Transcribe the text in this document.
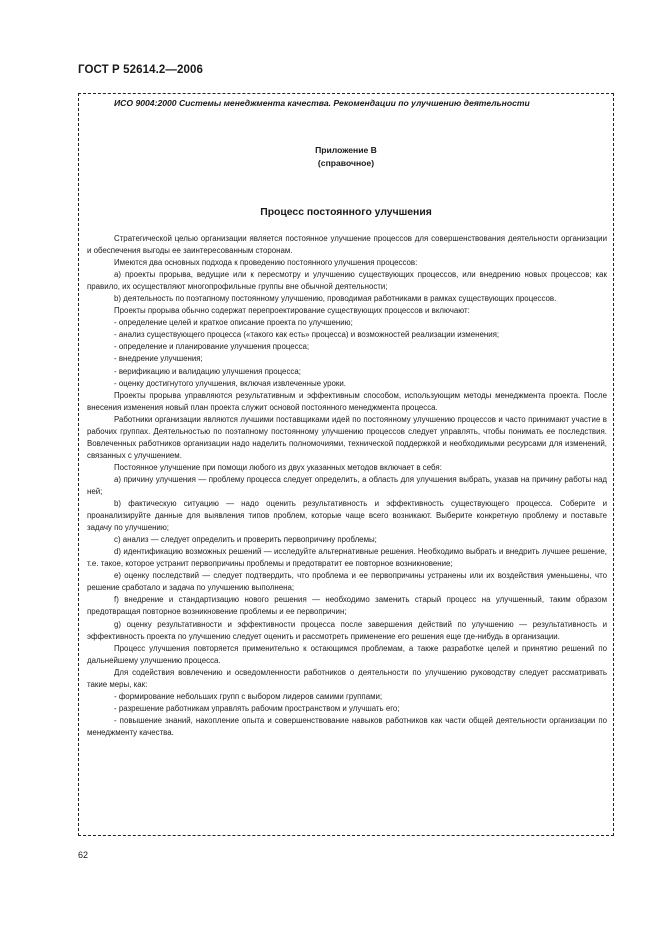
ГОСТ Р 52614.2—2006
ИСО 9004:2000 Системы менеджмента качества. Рекомендации по улучшению деятельности
Приложение В
(справочное)
Процесс постоянного улучшения

Стратегической целью организации является постоянное улучшение процессов для совершенствования деятельности организации и обеспечения выгоды ее заинтересованным сторонам.

Имеются два основных подхода к проведению постоянного улучшения процессов:

а) проекты прорыва, ведущие или к пересмотру и улучшению существующих процессов, или внедрению новых процессов; как правило, их осуществляют многопрофильные группы вне обычной деятельности;

b) деятельность по поэтапному постоянному улучшению, проводимая работниками в рамках существующих процессов.

Проекты прорыва обычно содержат перепроектирование существующих процессов и включают:

- определение целей и краткое описание проекта по улучшению;

- анализ существующего процесса («такого как есть» процесса) и возможностей реализации изменения;

- определение и планирование улучшения процесса;

- внедрение улучшения;

- верификацию и валидацию улучшения процесса;

- оценку достигнутого улучшения, включая извлеченные уроки.

Проекты прорыва управляются результативным и эффективным способом, использующим методы менеджмента проекта. После внесения изменения новый план проекта служит основой постоянного менеджмента процесса.

Работники организации являются лучшими поставщиками идей по постоянному улучшению процессов и часто принимают участие в рабочих группах. Деятельностью по поэтапному постоянному улучшению процессов следует управлять, чтобы понимать ее последствия. Вовлеченных работников организации надо наделить полномочиями, технической поддержкой и необходимыми ресурсами для изменений, связанных с улучшением.

Постоянное улучшение при помощи любого из двух указанных методов включает в себя:

а) причину улучшения — проблему процесса следует определить, а область для улучшения выбрать, указав на причину работы над ней;

b) фактическую ситуацию — надо оценить результативность и эффективность существующего процесса. Соберите и проанализируйте данные для выявления типов проблем, которые чаще всего возникают. Выберите конкретную проблему и поставьте задачу по улучшению;

c) анализ — следует определить и проверить первопричину проблемы;

d) идентификацию возможных решений — исследуйте альтернативные решения. Необходимо выбрать и внедрить лучшее решение, т.е. такое, которое устранит первопричины проблемы и предотвратит ее повторное возникновение;

e) оценку последствий — следует подтвердить, что проблема и ее первопричины устранены или их воздействия уменьшены, что решение сработало и задача по улучшению выполнена;

f) внедрение и стандартизацию нового решения — необходимо заменить старый процесс на улучшенный, таким образом предотвращая повторное возникновение проблемы и ее первопричин;

g) оценку результативности и эффективности процесса после завершения действий по улучшению — результативность и эффективность проекта по улучшению следует оценить и рассмотреть применение его решения еще где-нибудь в организации.

Процесс улучшения повторяется применительно к остающимся проблемам, а также разработке целей и принятию решений по дальнейшему улучшению процесса.

Для содействия вовлечению и осведомленности работников о деятельности по улучшению руководству следует рассматривать такие меры, как:

- формирование небольших групп с выбором лидеров самими группами;

- разрешение работникам управлять рабочим пространством и улучшать его;

- повышение знаний, накопление опыта и совершенствование навыков работников как части общей деятельности организации по менеджменту качества.

62
